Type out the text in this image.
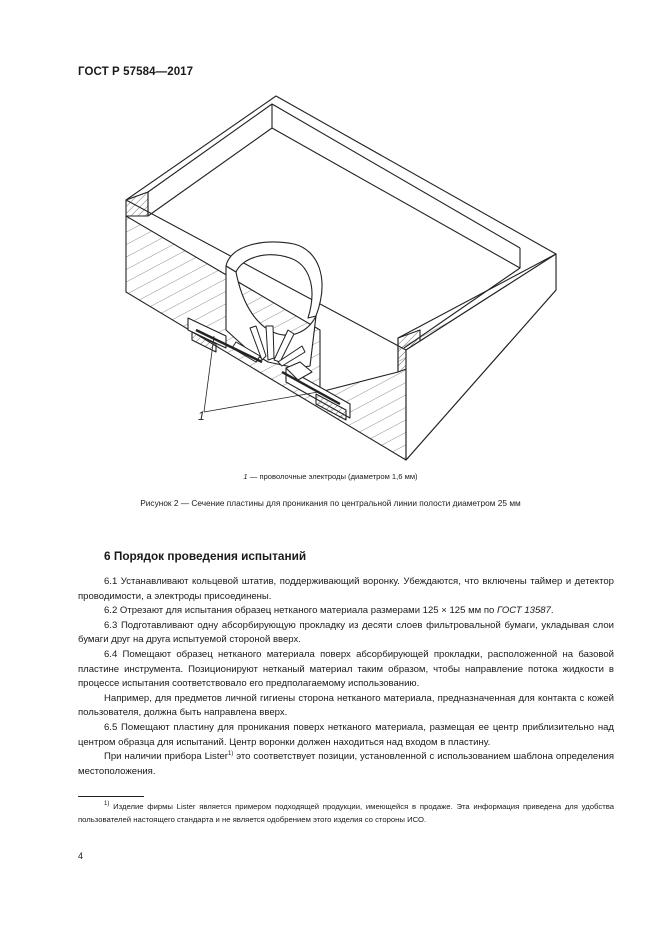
ГОСТ Р 57584—2017
1
1 — проволочные электроды (диаметром 1,6 мм)
Рисунок 2 — Сечение пластины для проникания по центральной линии полости диаметром 25 мм
6 Порядок проведения испытаний

6.1 Устанавливают кольцевой штатив, поддерживающий воронку. Убеждаются, что включены таймер и детектор проводимости, а электроды присоединены.

6.2 Отрезают для испытания образец нетканого материала размерами 125 × 125 мм по ГОСТ 13587.

6.3 Подготавливают одну абсорбирующую прокладку из десяти слоев фильтровальной бумаги, укладывая слои бумаги друг на друга испытуемой стороной вверх.

6.4 Помещают образец нетканого материала поверх абсорбирующей прокладки, расположенной на базовой пластине инструмента. Позиционируют нетканый материал таким образом, чтобы направление потока жидкости в процессе испытания соответствовало его предполагаемому использованию.

Например, для предметов личной гигиены сторона нетканого материала, предназначенная для контакта с кожей пользователя, должна быть направлена вверх.

6.5 Помещают пластину для проникания поверх нетканого материала, размещая ее центр приблизительно над центром образца для испытаний. Центр воронки должен находиться над входом в пластину.

При наличии прибора Lister$^{1)}$ это соответствует позиции, установленной с использованием шаблона определения местоположения.

$^{1)}$ Изделие фирмы Lister является примером подходящей продукции, имеющейся в продаже. Эта информация приведена для удобства пользователей настоящего стандарта и не является одобрением этого изделия со стороны ИСО.

4
